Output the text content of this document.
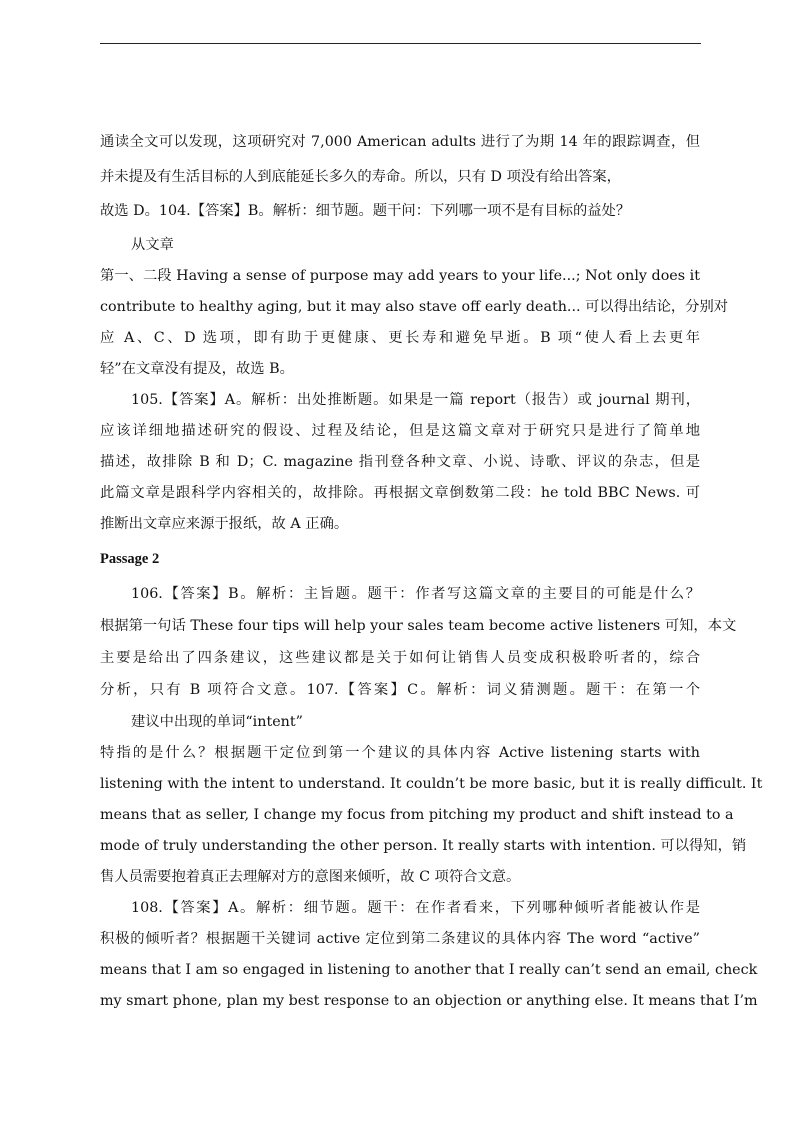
通读全文可以发现，这项研究对 7,000 American adults 进行了为期 14 年的跟踪调查，但
并未提及有生活目标的人到底能延长多久的寿命。所以，只有 D 项没有给出答案，
故选 D。104.【答案】B。解析：细节题。题干问：下列哪一项不是有目标的益处？
从文章
第一、二段 Having a sense of purpose may add years to your life...; Not only does it
contribute to healthy aging, but it may also stave off early death... 可以得出结论，分别对
应 A、C、D 选项，即有助于更健康、更长寿和避免早逝。B 项“使人看上去更年
轻”在文章没有提及，故选 B。
105.【答案】A。解析：出处推断题。如果是一篇 report（报告）或 journal 期刊，
应该详细地描述研究的假设、过程及结论，但是这篇文章对于研究只是进行了简单地
描述，故排除 B 和 D；C. magazine 指刊登各种文章、小说、诗歌、评议的杂志，但是
此篇文章是跟科学内容相关的，故排除。再根据文章倒数第二段：he told BBC News. 可
推断出文章应来源于报纸，故 A 正确。
Passage 2
106.【答案】B。解析：主旨题。题干：作者写这篇文章的主要目的可能是什么？
根据第一句话 These four tips will help your sales team become active listeners 可知，本文
主要是给出了四条建议，这些建议都是关于如何让销售人员变成积极聆听者的，综合
分析，只有 B 项符合文意。107.【答案】C。解析：词义猜测题。题干：在第一个
建议中出现的单词“intent”
特指的是什么？根据题干定位到第一个建议的具体内容 Active listening starts with
listening with the intent to understand. It couldn’t be more basic, but it is really difficult. It
means that as seller, I change my focus from pitching my product and shift instead to a
mode of truly understanding the other person. It really starts with intention. 可以得知，销
售人员需要抱着真正去理解对方的意图来倾听，故 C 项符合文意。
108.【答案】A。解析：细节题。题干：在作者看来，下列哪种倾听者能被认作是
积极的倾听者？根据题干关键词 active 定位到第二条建议的具体内容 The word “active”
means that I am so engaged in listening to another that I really can’t send an email, check
my smart phone, plan my best response to an objection or anything else. It means that I’m
